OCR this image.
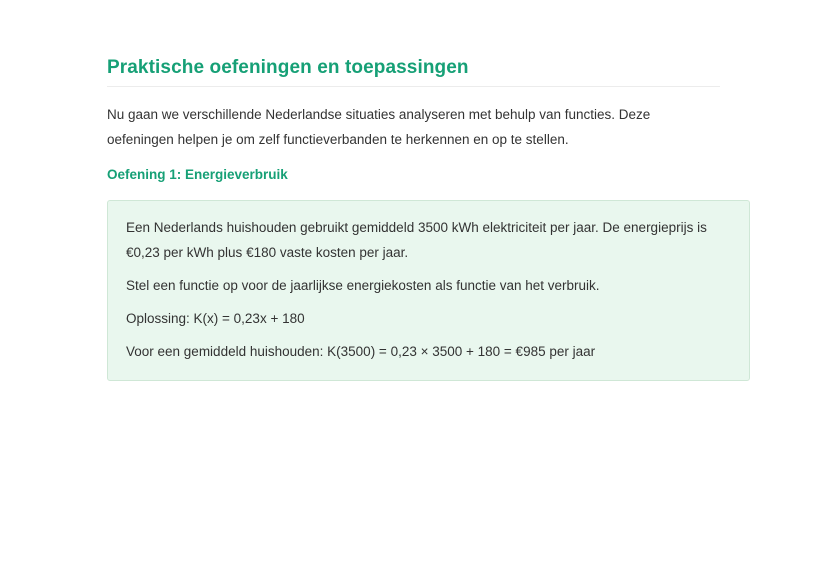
Praktische oefeningen en toepassingen

Nu gaan we verschillende Nederlandse situaties analyseren met behulp van functies. Deze oefeningen helpen je om zelf functieverbanden te herkennen en op te stellen.

Oefening 1: Energieverbruik

Een Nederlands huishouden gebruikt gemiddeld 3500 kWh elektriciteit per jaar. De energieprijs is €0,23 per kWh plus €180 vaste kosten per jaar.

Stel een functie op voor de jaarlijkse energiekosten als functie van het verbruik.

Oplossing: K(x) = 0,23x + 180

Voor een gemiddeld huishouden: K(3500) = 0,23 × 3500 + 180 = €985 per jaar
